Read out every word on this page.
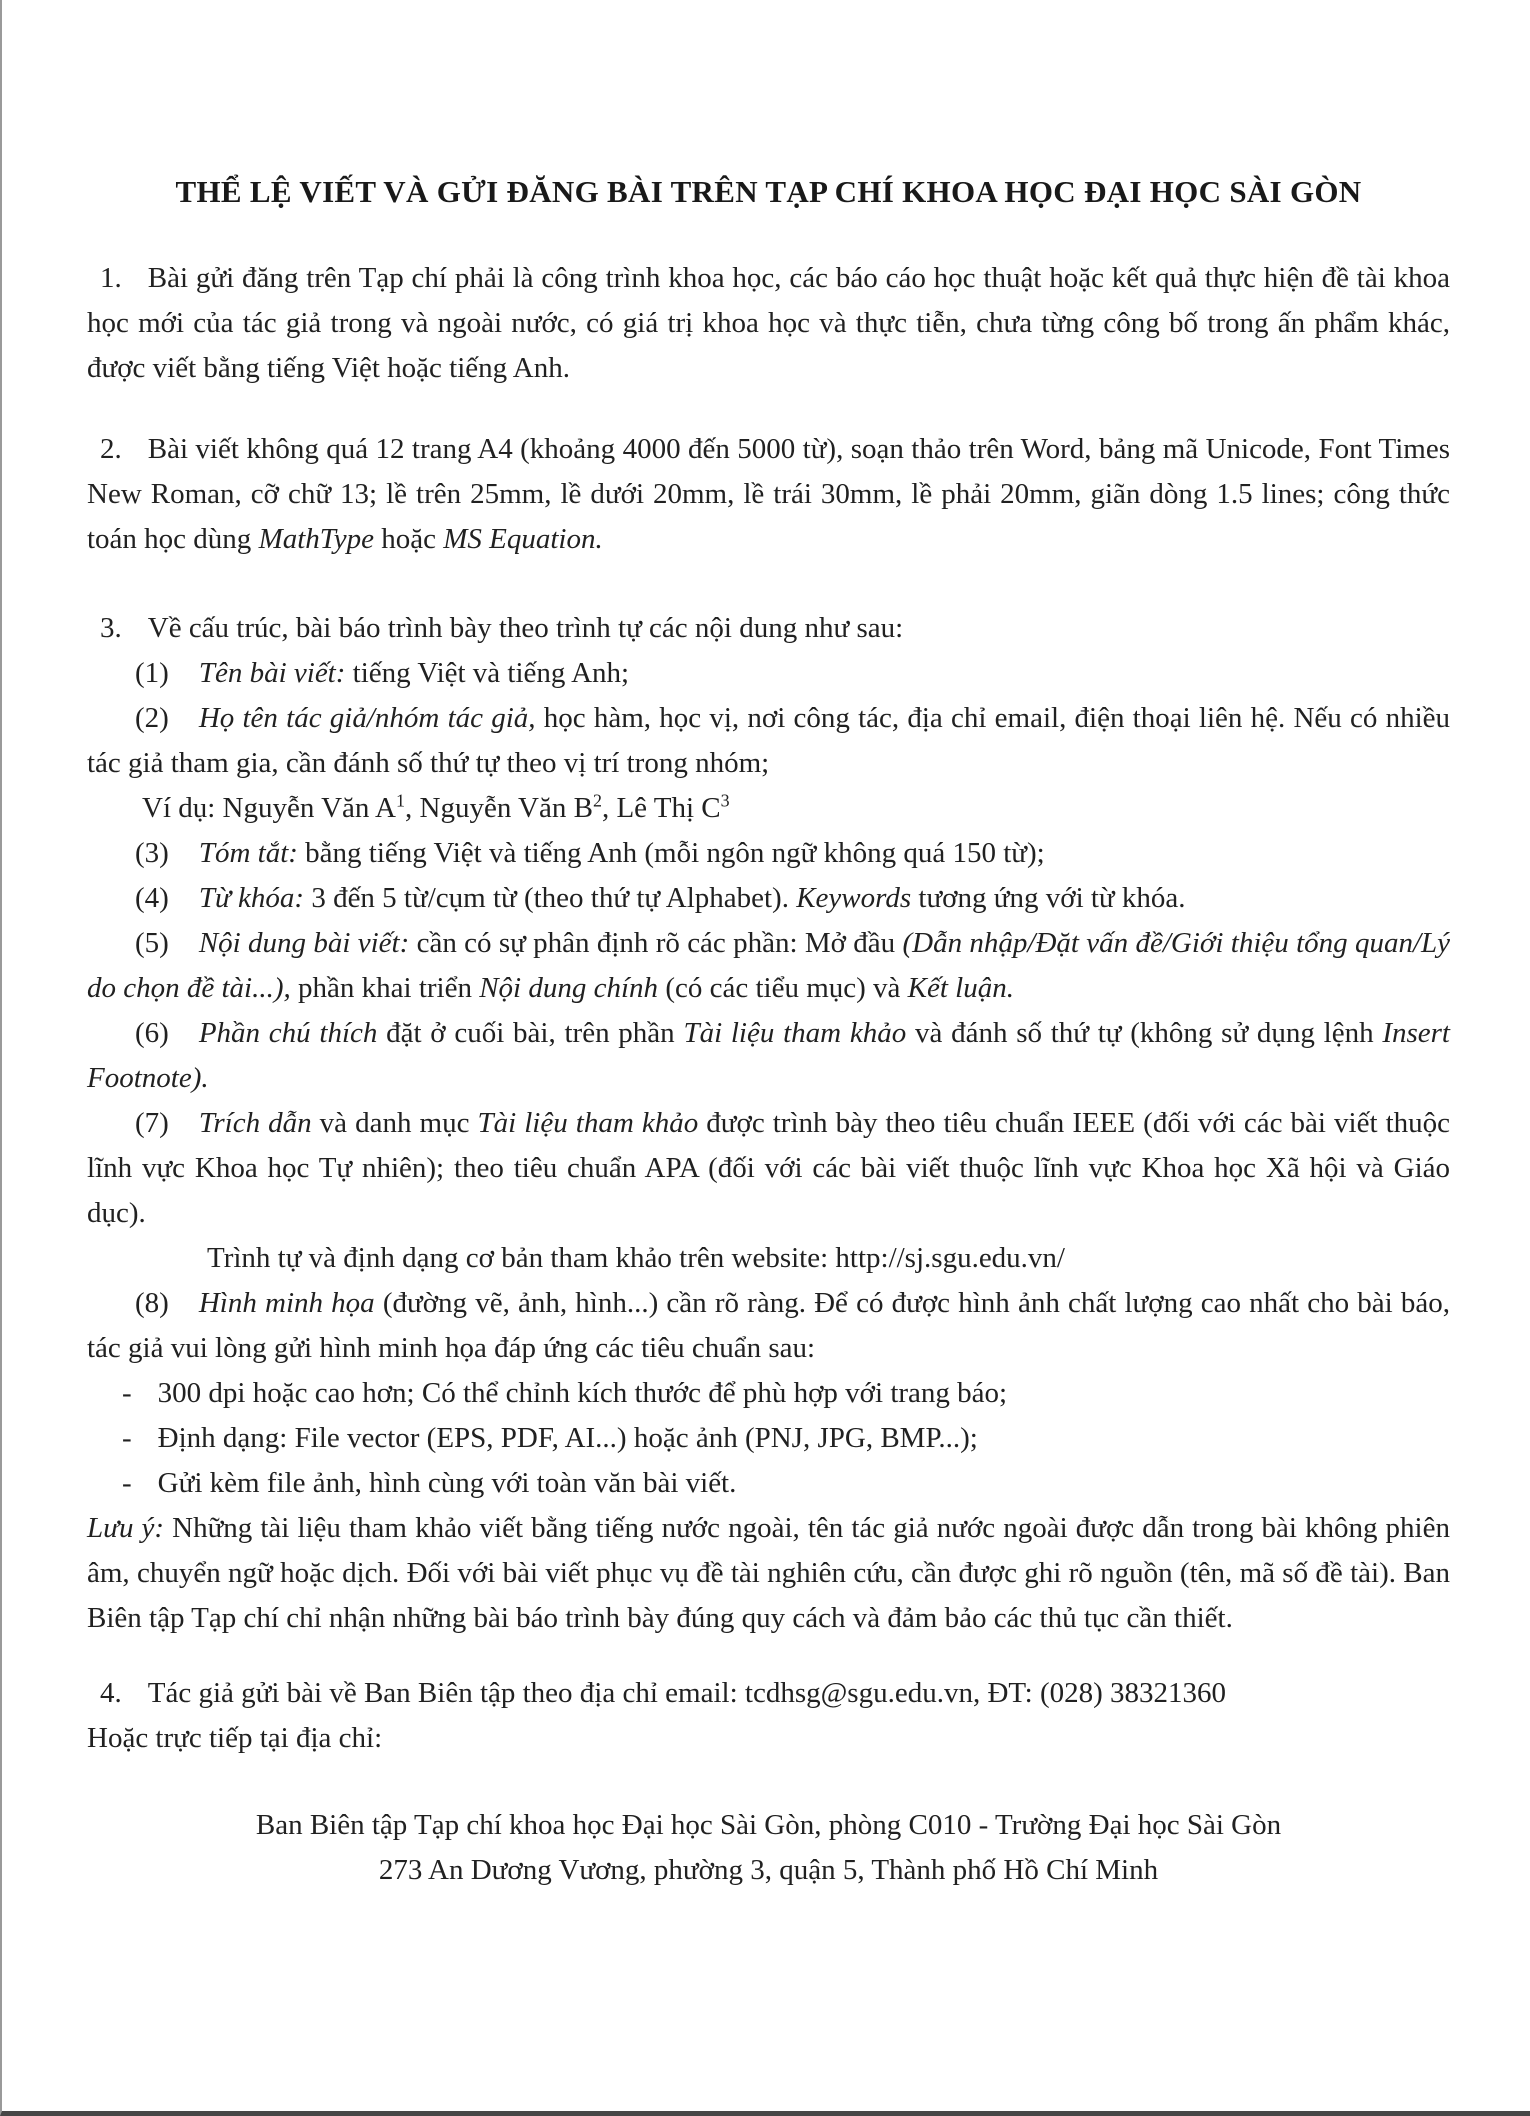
THỂ LỆ VIẾT VÀ GỬI ĐĂNG BÀI TRÊN TẠP CHÍ KHOA HỌC ĐẠI HỌC SÀI GÒN

1. Bài gửi đăng trên Tạp chí phải là công trình khoa học, các báo cáo học thuật hoặc kết quả thực hiện đề tài khoa học mới của tác giả trong và ngoài nước, có giá trị khoa học và thực tiễn, chưa từng công bố trong ấn phẩm khác, được viết bằng tiếng Việt hoặc tiếng Anh.

2. Bài viết không quá 12 trang A4 (khoảng 4000 đến 5000 từ), soạn thảo trên Word, bảng mã Unicode, Font Times New Roman, cỡ chữ 13; lề trên 25mm, lề dưới 20mm, lề trái 30mm, lề phải 20mm, giãn dòng 1.5 lines; công thức toán học dùng MathType hoặc MS Equation.

3. Về cấu trúc, bài báo trình bày theo trình tự các nội dung như sau:

(1) Tên bài viết: tiếng Việt và tiếng Anh;

(2) Họ tên tác giả/nhóm tác giả, học hàm, học vị, nơi công tác, địa chỉ email, điện thoại liên hệ. Nếu có nhiều tác giả tham gia, cần đánh số thứ tự theo vị trí trong nhóm;

Ví dụ: Nguyễn Văn $A^1$, Nguyễn Văn $B^2$, Lê Thị $C^3$

(3) Tóm tắt: bằng tiếng Việt và tiếng Anh (mỗi ngôn ngữ không quá 150 từ);

(4) Từ khóa: 3 đến 5 từ/cụm từ (theo thứ tự Alphabet). Keywords tương ứng với từ khóa.

(5) Nội dung bài viết: cần có sự phân định rõ các phần: Mở đầu (Dẫn nhập/Đặt vấn đề/Giới thiệu tổng quan/Lý do chọn đề tài...), phần khai triển Nội dung chính (có các tiểu mục) và Kết luận.

(6) Phần chú thích đặt ở cuối bài, trên phần Tài liệu tham khảo và đánh số thứ tự (không sử dụng lệnh Insert Footnote).

(7) Trích dẫn và danh mục Tài liệu tham khảo được trình bày theo tiêu chuẩn IEEE (đối với các bài viết thuộc lĩnh vực Khoa học Tự nhiên); theo tiêu chuẩn APA (đối với các bài viết thuộc lĩnh vực Khoa học Xã hội và Giáo dục).

Trình tự và định dạng cơ bản tham khảo trên website: http://sj.sgu.edu.vn/

(8) Hình minh họa (đường vẽ, ảnh, hình...) cần rõ ràng. Để có được hình ảnh chất lượng cao nhất cho bài báo, tác giả vui lòng gửi hình minh họa đáp ứng các tiêu chuẩn sau:

- 300 dpi hoặc cao hơn; Có thể chỉnh kích thước để phù hợp với trang báo;

- Định dạng: File vector (EPS, PDF, AI...) hoặc ảnh (PNJ, JPG, BMP...);

- Gửi kèm file ảnh, hình cùng với toàn văn bài viết.

Lưu ý: Những tài liệu tham khảo viết bằng tiếng nước ngoài, tên tác giả nước ngoài được dẫn trong bài không phiên âm, chuyển ngữ hoặc dịch. Đối với bài viết phục vụ đề tài nghiên cứu, cần được ghi rõ nguồn (tên, mã số đề tài). Ban Biên tập Tạp chí chỉ nhận những bài báo trình bày đúng quy cách và đảm bảo các thủ tục cần thiết.

4. Tác giả gửi bài về Ban Biên tập theo địa chỉ email: tcdhsg@sgu.edu.vn, ĐT: (028) 38321360

Hoặc trực tiếp tại địa chỉ:

Ban Biên tập Tạp chí khoa học Đại học Sài Gòn, phòng C010 - Trường Đại học Sài Gòn

273 An Dương Vương, phường 3, quận 5, Thành phố Hồ Chí Minh
